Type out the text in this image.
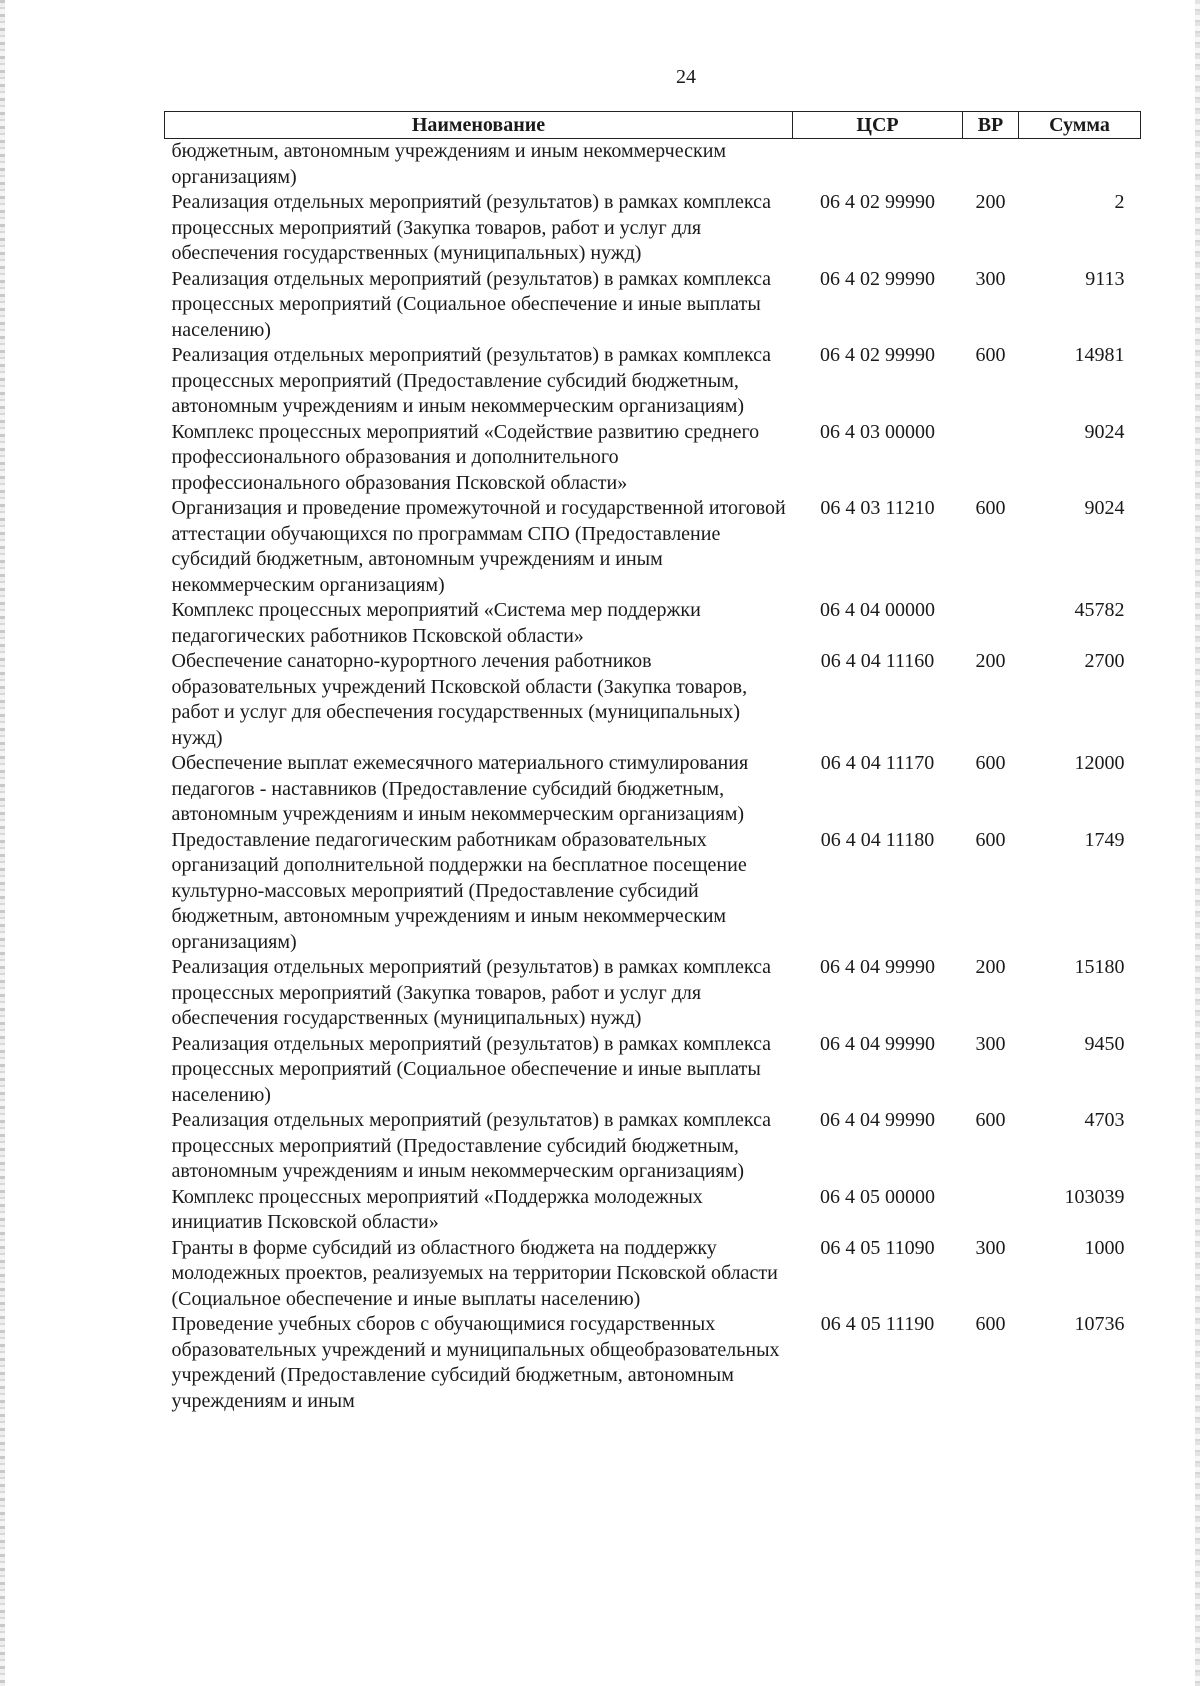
24
Наименование	ЦСР	ВР	Сумма
бюджетным, автономным учреждениям и иным некоммерческим организациям)			
Реализация отдельных мероприятий (результатов) в рамках комплекса процессных мероприятий (Закупка товаров, работ и услуг для обеспечения государственных (муниципальных) нужд)	06 4 02 99990	200	2
Реализация отдельных мероприятий (результатов) в рамках комплекса процессных мероприятий (Социальное обеспечение и иные выплаты населению)	06 4 02 99990	300	9113
Реализация отдельных мероприятий (результатов) в рамках комплекса процессных мероприятий (Предоставление субсидий бюджетным, автономным учреждениям и иным некоммерческим организациям)	06 4 02 99990	600	14981
Комплекс процессных мероприятий «Содействие развитию среднего профессионального образования и дополнительного профессионального образования Псковской области»	06 4 03 00000		9024
Организация и проведение промежуточной и государственной итоговой аттестации обучающихся по программам СПО (Предоставление субсидий бюджетным, автономным учреждениям и иным некоммерческим организациям)	06 4 03 11210	600	9024
Комплекс процессных мероприятий «Система мер поддержки педагогических работников Псковской области»	06 4 04 00000		45782
Обеспечение санаторно-курортного лечения работников образовательных учреждений Псковской области (Закупка товаров, работ и услуг для обеспечения государственных (муниципальных) нужд)	06 4 04 11160	200	2700
Обеспечение выплат ежемесячного материального стимулирования педагогов - наставников (Предоставление субсидий бюджетным, автономным учреждениям и иным некоммерческим организациям)	06 4 04 11170	600	12000
Предоставление педагогическим работникам образовательных организаций дополнительной поддержки на бесплатное посещение культурно-массовых мероприятий (Предоставление субсидий бюджетным, автономным учреждениям и иным некоммерческим организациям)	06 4 04 11180	600	1749
Реализация отдельных мероприятий (результатов) в рамках комплекса процессных мероприятий (Закупка товаров, работ и услуг для обеспечения государственных (муниципальных) нужд)	06 4 04 99990	200	15180
Реализация отдельных мероприятий (результатов) в рамках комплекса процессных мероприятий (Социальное обеспечение и иные выплаты населению)	06 4 04 99990	300	9450
Реализация отдельных мероприятий (результатов) в рамках комплекса процессных мероприятий (Предоставление субсидий бюджетным, автономным учреждениям и иным некоммерческим организациям)	06 4 04 99990	600	4703
Комплекс процессных мероприятий «Поддержка молодежных инициатив Псковской области»	06 4 05 00000		103039
Гранты в форме субсидий из областного бюджета на поддержку молодежных проектов, реализуемых на территории Псковской области (Социальное обеспечение и иные выплаты населению)	06 4 05 11090	300	1000
Проведение учебных сборов с обучающимися государственных образовательных учреждений и муниципальных общеобразовательных учреждений (Предоставление субсидий бюджетным, автономным учреждениям и иным	06 4 05 11190	600	10736
